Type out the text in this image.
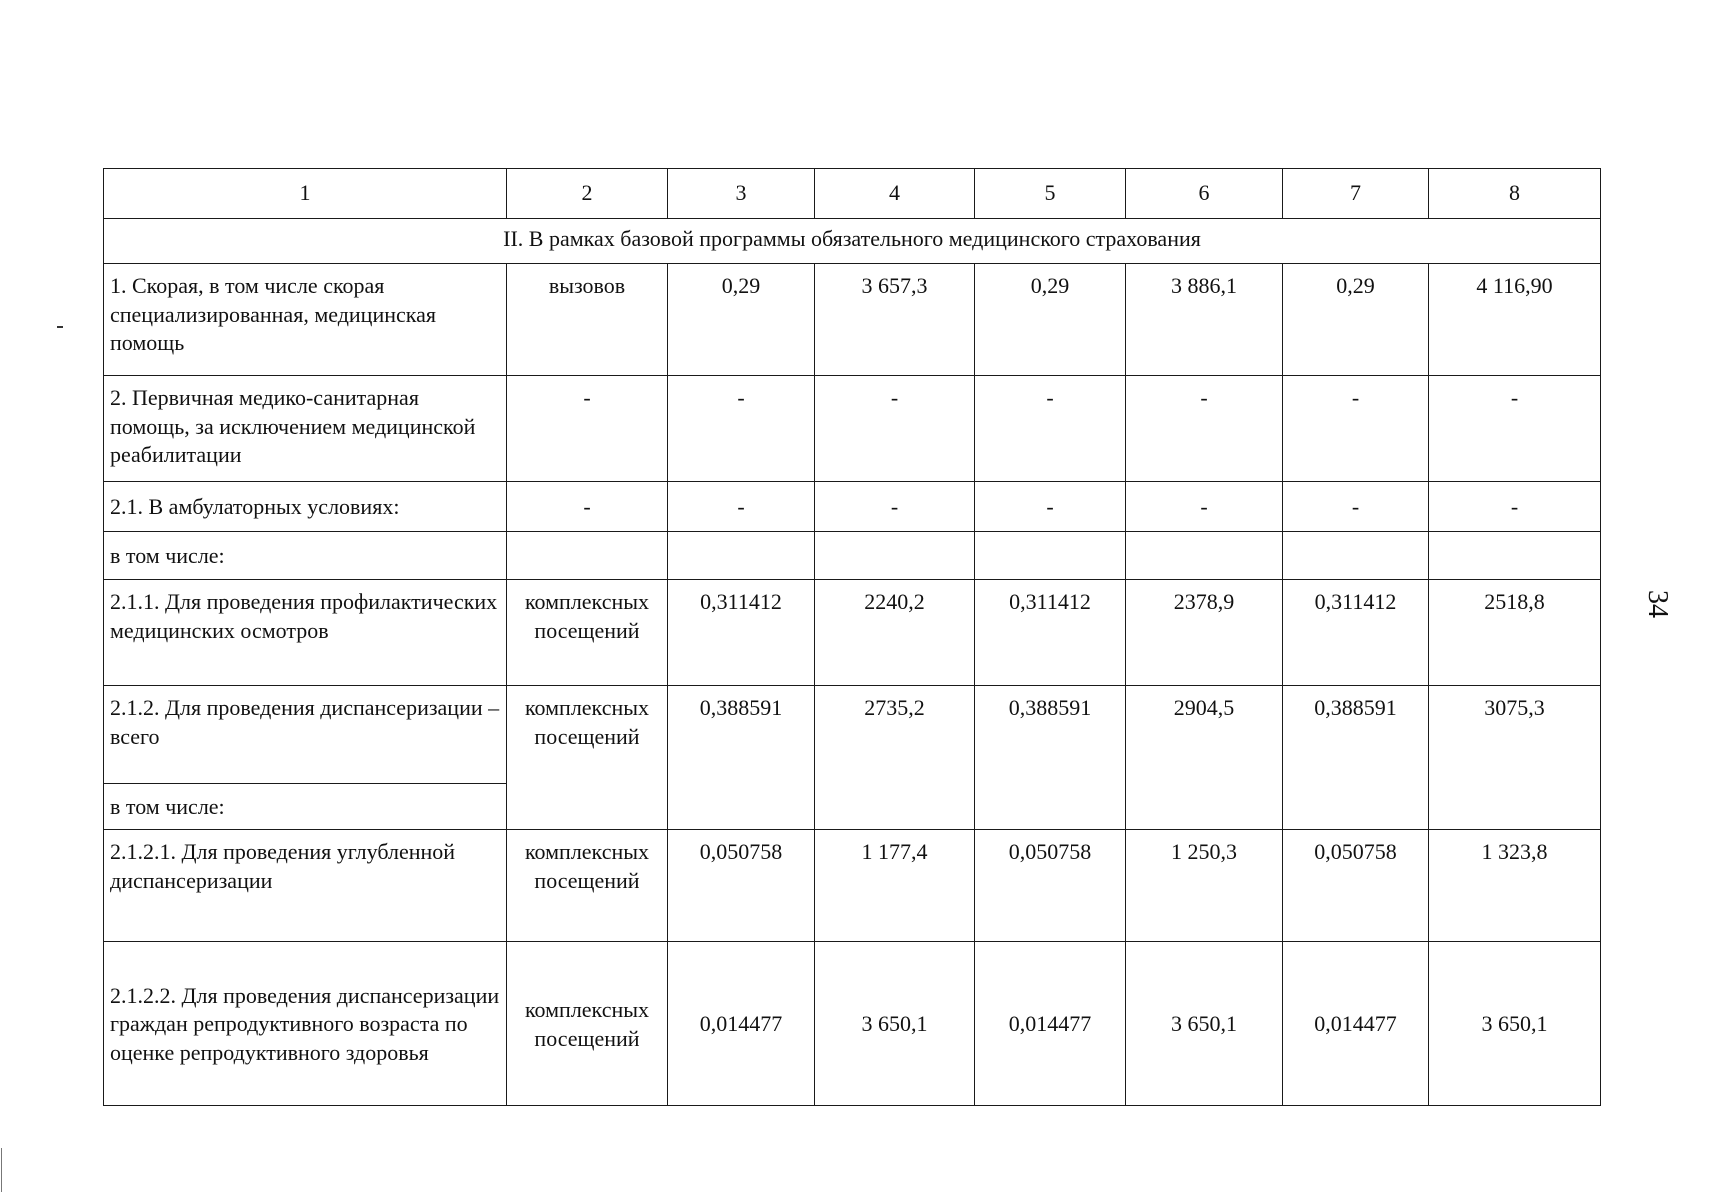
1	2	3	4	5	6	7	8
II. В рамках базовой программы обязательного медицинского страхования							
1. Скорая, в том числе скорая специализированная, медицинская помощь	вызовов	0,29	3 657,3	0,29	3 886,1	0,29	4 116,90
2. Первичная медико-санитарная помощь, за исключением медицинской реабилитации	-	-	-	-	-	-	-
2.1. В амбулаторных условиях:	-	-	-	-	-	-	-
в том числе:							
2.1.1. Для проведения профилактических медицинских осмотров	комплексных посещений	0,311412	2240,2	0,311412	2378,9	0,311412	2518,8
2.1.2. Для проведения диспансеризации – всего	комплексных посещений	0,388591	2735,2	0,388591	2904,5	0,388591	3075,3
в том числе:							
2.1.2.1. Для проведения углубленной диспансеризации	комплексных посещений	0,050758	1 177,4	0,050758	1 250,3	0,050758	1 323,8
2.1.2.2. Для проведения диспансеризации граждан репродуктивного возраста по оценке репродуктивного здоровья	комплексных посещений	0,014477	3 650,1	0,014477	3 650,1	0,014477	3 650,1
34
